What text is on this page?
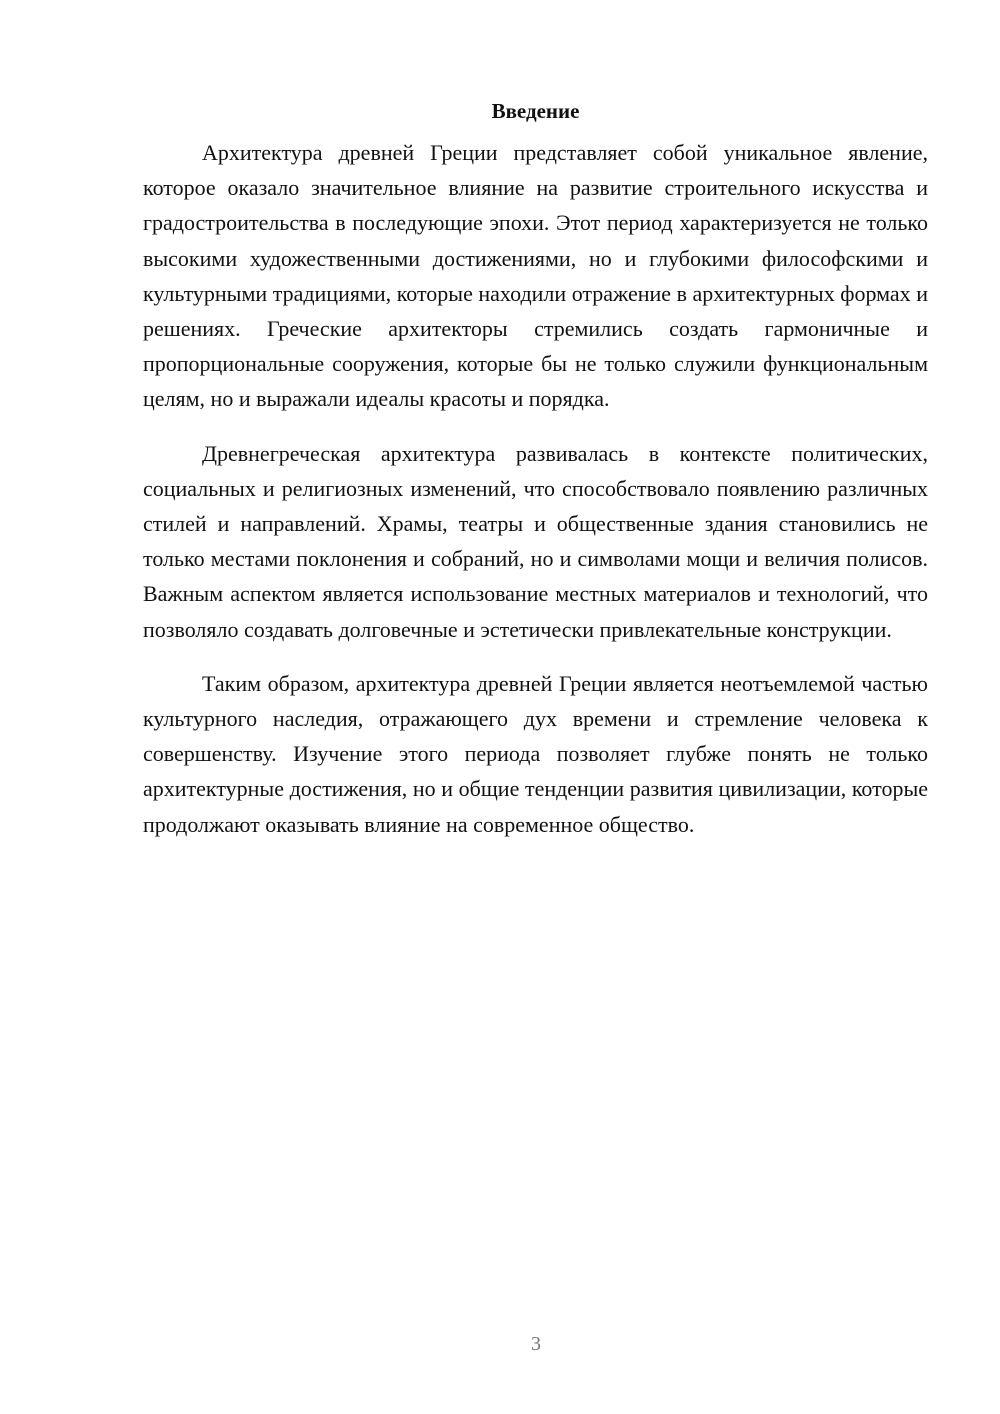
Введение

Архитектура древней Греции представляет собой уникальное явление, которое оказало значительное влияние на развитие строительного искусства и градостроительства в последующие эпохи. Этот период характеризуется не только высокими художественными достижениями, но и глубокими философскими и культурными традициями, которые находили отражение в архитектурных формах и решениях. Греческие архитекторы стремились создать гармоничные и пропорциональные сооружения, которые бы не только служили функциональным целям, но и выражали идеалы красоты и порядка.

Древнегреческая архитектура развивалась в контексте политических, социальных и религиозных изменений, что способствовало появлению различных стилей и направлений. Храмы, театры и общественные здания становились не только местами поклонения и собраний, но и символами мощи и величия полисов. Важным аспектом является использование местных материалов и технологий, что позволяло создавать долговечные и эстетически привлекательные конструкции.

Таким образом, архитектура древней Греции является неотъемлемой частью культурного наследия, отражающего дух времени и стремление человека к совершенству. Изучение этого периода позволяет глубже понять не только архитектурные достижения, но и общие тенденции развития цивилизации, которые продолжают оказывать влияние на современное общество.

3
